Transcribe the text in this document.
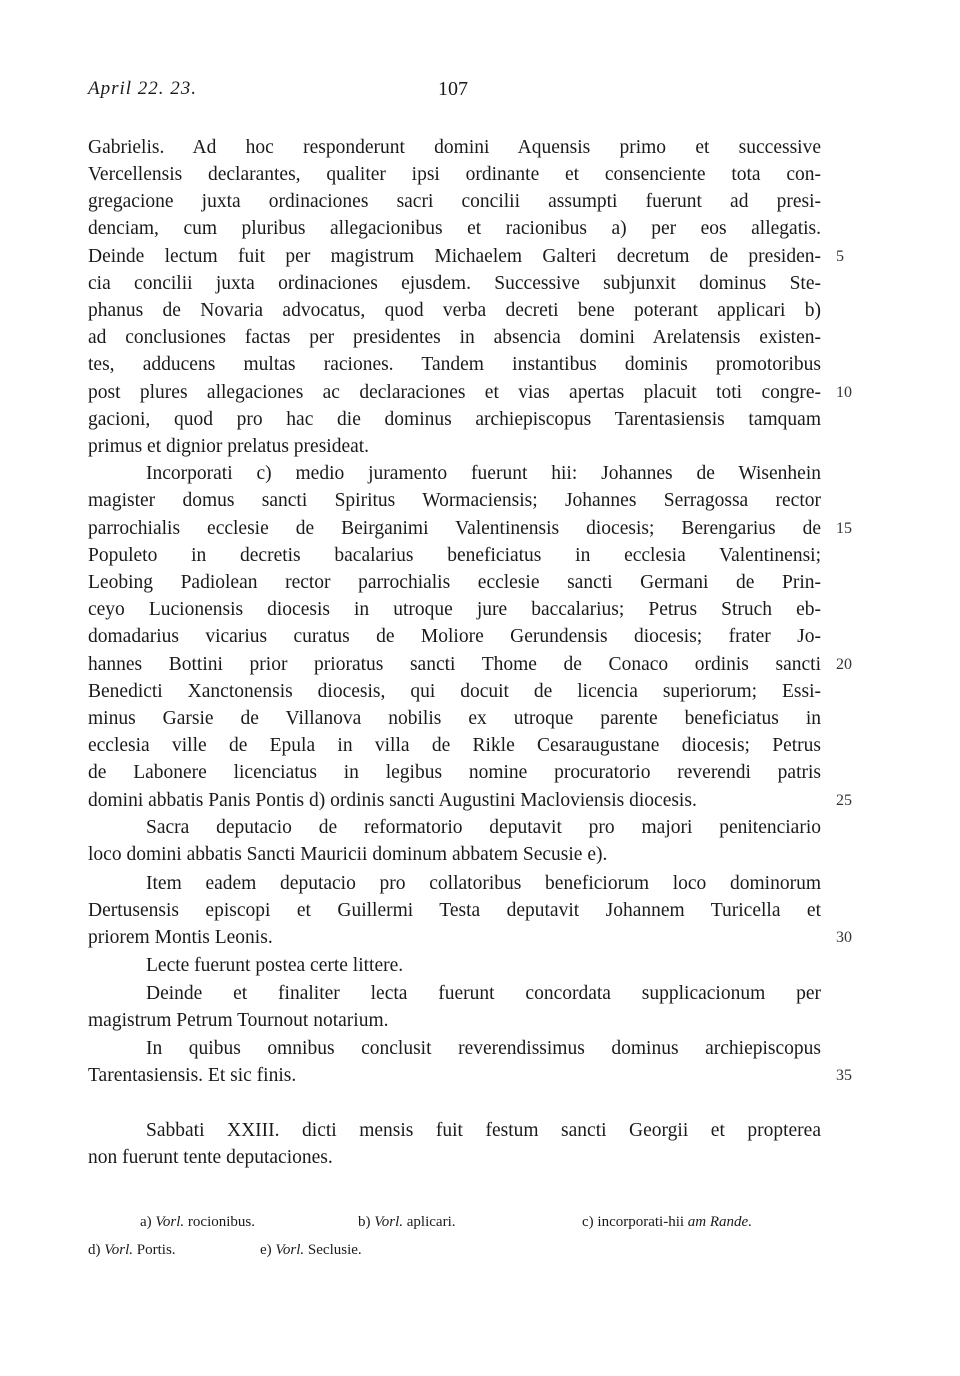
April 22. 23.	107
Gabrielis. Ad hoc responderunt domini Aquensis primo et successive
Vercellensis declarantes, qualiter ipsi ordinante et consenciente tota con-
gregacione juxta ordinaciones sacri concilii assumpti fuerunt ad presi-
denciam, cum pluribus allegacionibus et racionibus a) per eos allegatis.
Deinde lectum fuit per magistrum Michaelem Galteri decretum de presiden-
cia concilii juxta ordinaciones ejusdem. Successive subjunxit dominus Ste-
phanus de Novaria advocatus, quod verba decreti bene poterant applicari b)
ad conclusiones factas per presidentes in absencia domini Arelatensis existen-
tes, adducens multas raciones. Tandem instantibus dominis promotoribus
post plures allegaciones ac declaraciones et vias apertas placuit toti congre-
gacioni, quod pro hac die dominus archiepiscopus Tarentasiensis tamquam
primus et dignior prelatus presideat.
Incorporati c) medio juramento fuerunt hii: Johannes de Wisenhein
magister domus sancti Spiritus Wormaciensis; Johannes Serragossa rector
parrochialis ecclesie de Beirganimi Valentinensis diocesis; Berengarius de
Populeto in decretis bacalarius beneficiatus in ecclesia Valentinensi;
Leobing Padiolean rector parrochialis ecclesie sancti Germani de Prin-
ceyo Lucionensis diocesis in utroque jure baccalarius; Petrus Struch eb-
domadarius vicarius curatus de Moliore Gerundensis diocesis; frater Jo-
hannes Bottini prior prioratus sancti Thome de Conaco ordinis sancti
Benedicti Xanctonensis diocesis, qui docuit de licencia superiorum; Essi-
minus Garsie de Villanova nobilis ex utroque parente beneficiatus in
ecclesia ville de Epula in villa de Rikle Cesaraugustane diocesis; Petrus
de Labonere licenciatus in legibus nomine procuratorio reverendi patris
domini abbatis Panis Pontis d) ordinis sancti Augustini Macloviensis diocesis.
Sacra deputacio de reformatorio deputavit pro majori penitenciario
loco domini abbatis Sancti Mauricii dominum abbatem Secusie e).
Item eadem deputacio pro collatoribus beneficiorum loco dominorum
Dertusensis episcopi et Guillermi Testa deputavit Johannem Turicella et
priorem Montis Leonis.
Lecte fuerunt postea certe littere.
Deinde et finaliter lecta fuerunt concordata supplicacionum per
magistrum Petrum Tournout notarium.
In quibus omnibus conclusit reverendissimus dominus archiepiscopus
Tarentasiensis. Et sic finis.
Sabbati XXIII. dicti mensis fuit festum sancti Georgii et propterea
non fuerunt tente deputaciones.
5
10
15
20
25
30
35
a) Vorl. rocionibus.	b) Vorl. aplicari.	c) incorporati-hii am Rande.
d) Vorl. Portis.	e) Vorl. Seclusie.
